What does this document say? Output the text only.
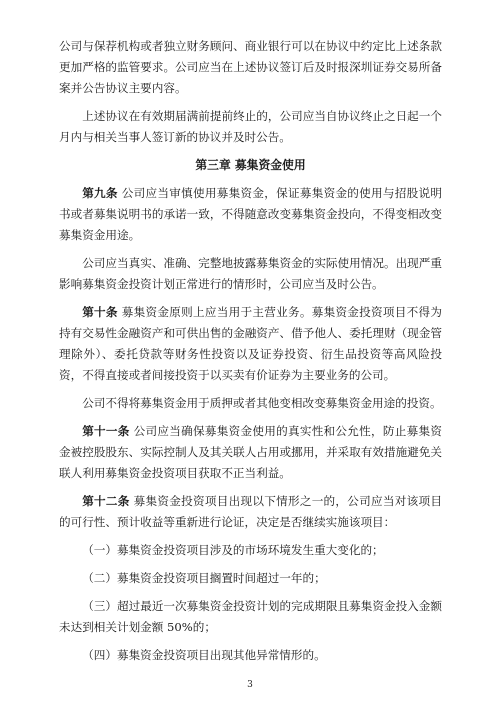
公司与保荐机构或者独立财务顾问、商业银行可以在协议中约定比上述条款更加严格的监管要求。公司应当在上述协议签订后及时报深圳证券交易所备案并公告协议主要内容。

上述协议在有效期届满前提前终止的，公司应当自协议终止之日起一个月内与相关当事人签订新的协议并及时公告。

第三章 募集资金使用

第九条 公司应当审慎使用募集资金，保证募集资金的使用与招股说明书或者募集说明书的承诺一致，不得随意改变募集资金投向，不得变相改变募集资金用途。

公司应当真实、准确、完整地披露募集资金的实际使用情况。出现严重影响募集资金投资计划正常进行的情形时，公司应当及时公告。

第十条 募集资金原则上应当用于主营业务。募集资金投资项目不得为持有交易性金融资产和可供出售的金融资产、借予他人、委托理财（现金管理除外）、委托贷款等财务性投资以及证券投资、衍生品投资等高风险投资，不得直接或者间接投资于以买卖有价证券为主要业务的公司。

公司不得将募集资金用于质押或者其他变相改变募集资金用途的投资。

第十一条 公司应当确保募集资金使用的真实性和公允性，防止募集资金被控股股东、实际控制人及其关联人占用或挪用，并采取有效措施避免关联人利用募集资金投资项目获取不正当利益。

第十二条 募集资金投资项目出现以下情形之一的，公司应当对该项目的可行性、预计收益等重新进行论证，决定是否继续实施该项目：

（一）募集资金投资项目涉及的市场环境发生重大变化的；

（二）募集资金投资项目搁置时间超过一年的；

（三）超过最近一次募集资金投资计划的完成期限且募集资金投入金额未达到相关计划金额 50%的；

（四）募集资金投资项目出现其他异常情形的。

3
